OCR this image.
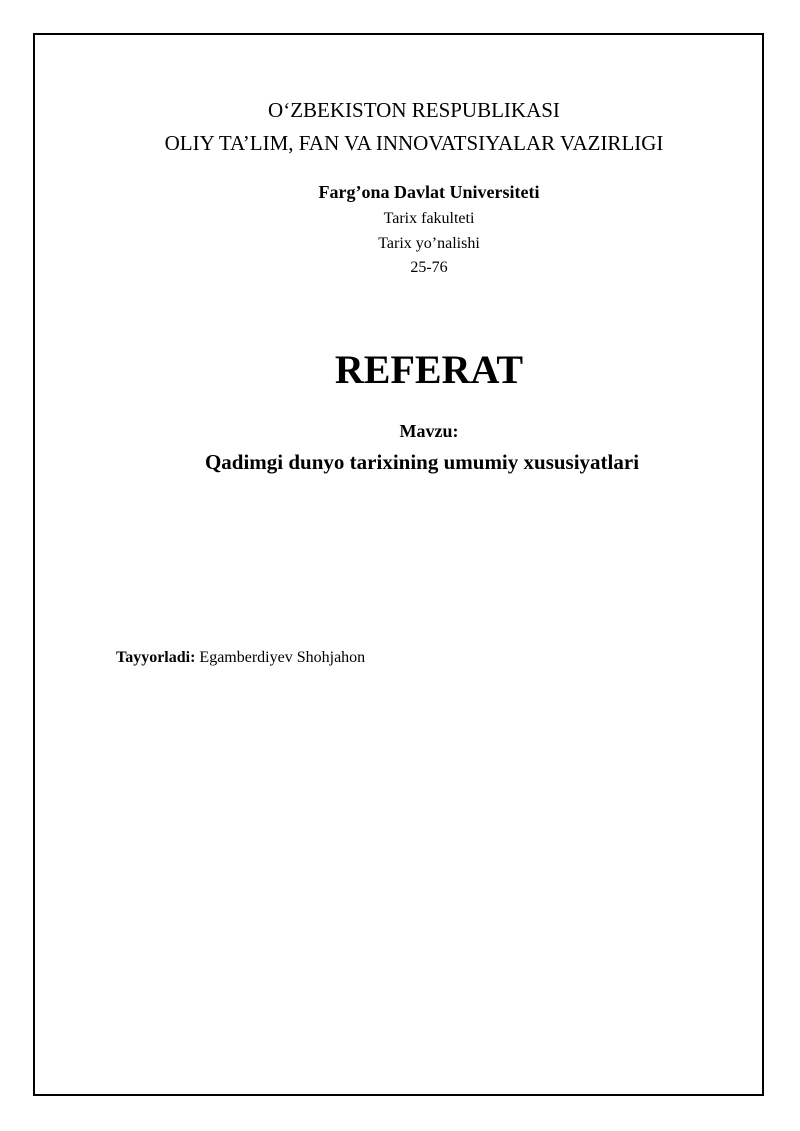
O‘ZBEKISTON RESPUBLIKASI
OLIY TA’LIM, FAN VA INNOVATSIYALAR VAZIRLIGI
Farg’ona Davlat Universiteti
Tarix fakulteti
Tarix yo’nalishi
25-76
REFERAT
Mavzu:
Qadimgi dunyo tarixining umumiy xususiyatlari
Tayyorladi: Egamberdiyev Shohjahon
